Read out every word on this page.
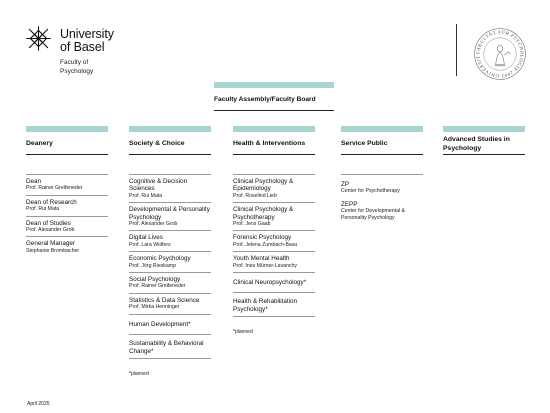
University
of Basel
Faculty of
Psychology
FAKULTÄT FÜR PSYCHOLOGIE 2003 UNIVERSIT
Faculty Assembly/Faculty Board
Deanery
Dean
Prof. Rainer Greifeneder
Dean of Research
Prof. Rui Mata
Dean of Studies
Prof. Alexander Grob
General Manager
Stephanie Brombacher
Society & Choice
Cognitive & Decision Sciences
Prof. Rui Mata
Developmental & Personality Psychology
Prof. Alexander Grob
Digital Lives
Prof. Lara Wolfers
Economic Psychology
Prof. Jörg Rieskamp
Social Psychology
Prof. Rainer Greifeneder
Statistics & Data Science
Prof. Mirka Henninger
Human Development*
Sustainability & Behavioral Change*
*planned
Health & Interventions
Clinical Psychology & Epidemiology
Prof. Roselind Lieb
Clinical Psychology & Psychotherapy
Prof. Jens Gaab
Forensic Psychology
Prof. Jelena Zumbach-Basu
Youth Mental Health
Prof. Ines Mürner-Lavanchy
Clinical Neuropsychology*
Health & Rehabilitation Psychology*
*planned
Service Public
ZP
Center for Psychotherapy
ZEPP
Center for Developmental & Personality Psychology
Advanced Studies in Psychology
April 2025
